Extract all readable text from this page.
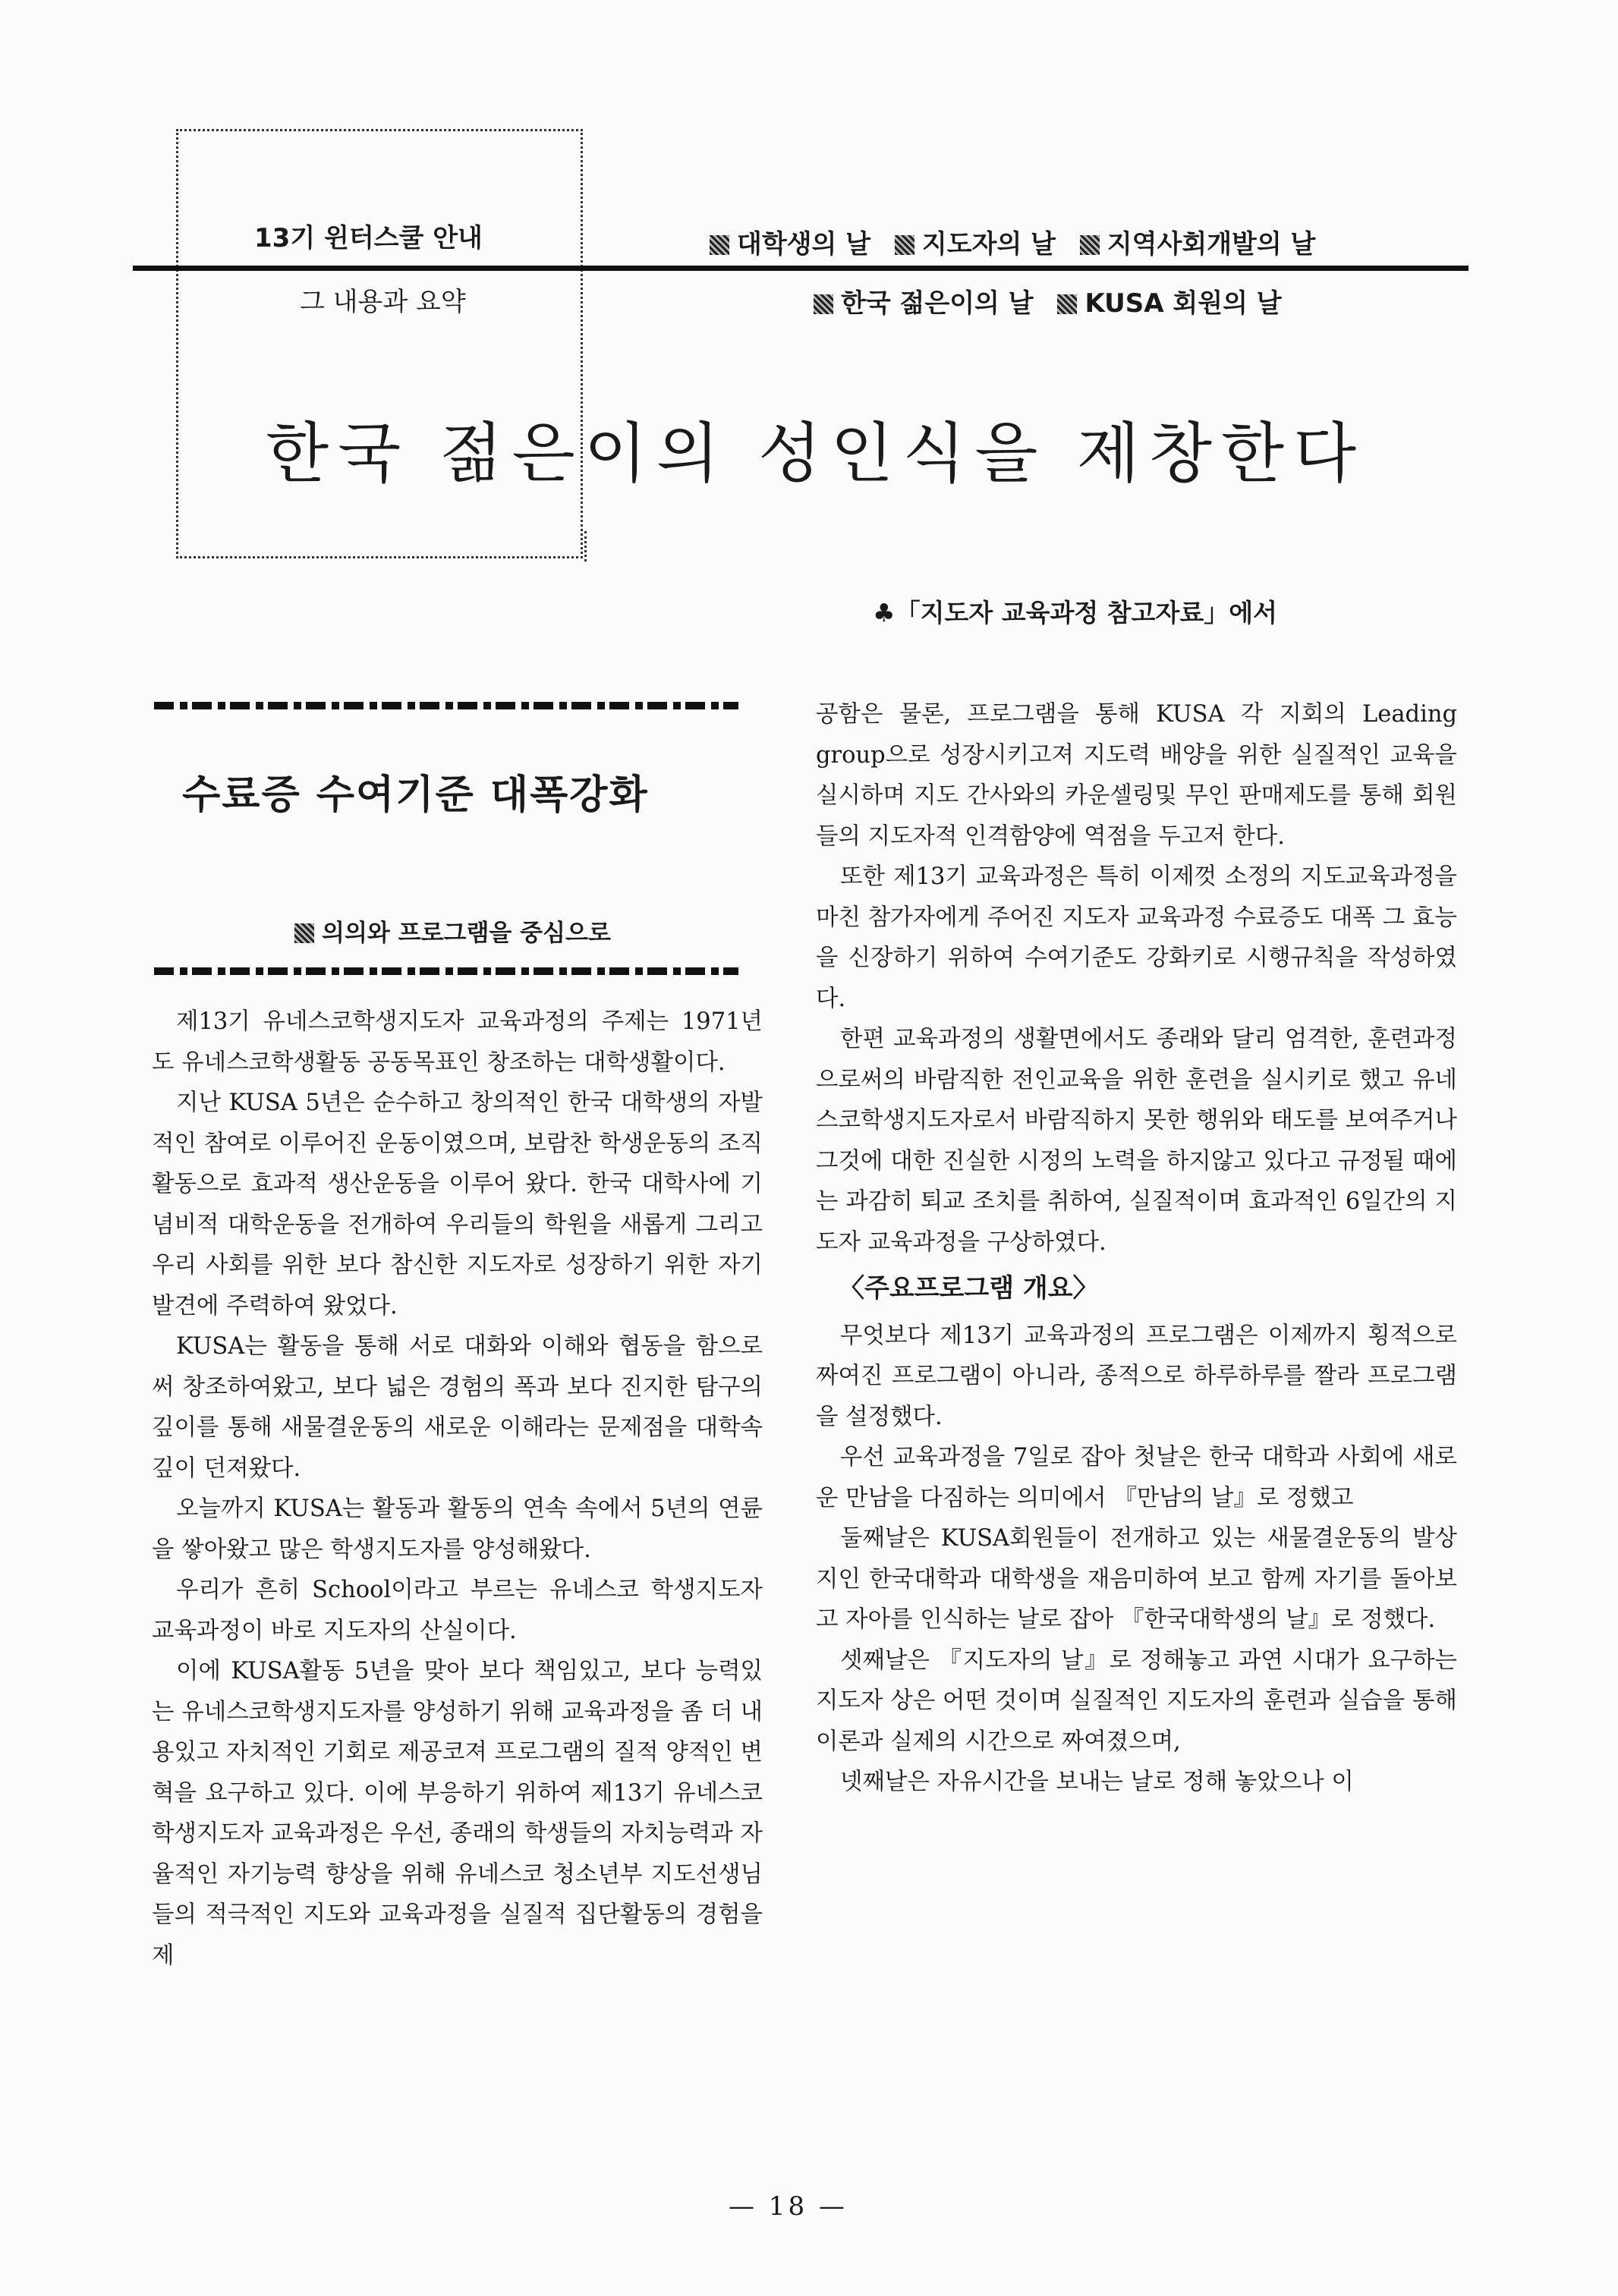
13기 윈터스쿨 안내
그 내용과 요약
대학생의 날 지도자의 날 지역사회개발의 날
한국 젊은이의 날 KUSA 회원의 날
한국 젊은이의 성인식을 제창한다
♣「지도자 교육과정 참고자료」에서
수료증 수여기준 대폭강화
의의와 프로그램을 중심으로

제13기 유네스코학생지도자 교육과정의 주제는 1971년도 유네스코학생활동 공동목표인 창조하는 대학생활이다.

지난 KUSA 5년은 순수하고 창의적인 한국 대학생의 자발적인 참여로 이루어진 운동이였으며, 보람찬 학생운동의 조직 활동으로 효과적 생산운동을 이루어 왔다. 한국 대학사에 기념비적 대학운동을 전개하여 우리들의 학원을 새롭게 그리고 우리 사회를 위한 보다 참신한 지도자로 성장하기 위한 자기 발견에 주력하여 왔었다.

KUSA는 활동을 통해 서로 대화와 이해와 협동을 함으로써 창조하여왔고, 보다 넓은 경험의 폭과 보다 진지한 탐구의 깊이를 통해 새물결운동의 새로운 이해라는 문제점을 대학속 깊이 던져왔다.

오늘까지 KUSA는 활동과 활동의 연속 속에서 5년의 연륜을 쌓아왔고 많은 학생지도자를 양성해왔다.

우리가 흔히 School이라고 부르는 유네스코 학생지도자 교육과정이 바로 지도자의 산실이다.

이에 KUSA활동 5년을 맞아 보다 책임있고, 보다 능력있는 유네스코학생지도자를 양성하기 위해 교육과정을 좀 더 내용있고 자치적인 기회로 제공코져 프로그램의 질적 양적인 변혁을 요구하고 있다. 이에 부응하기 위하여 제13기 유네스코 학생지도자 교육과정은 우선, 종래의 학생들의 자치능력과 자율적인 자기능력 향상을 위해 유네스코 청소년부 지도선생님들의 적극적인 지도와 교육과정을 실질적 집단활동의 경험을 제

공함은 물론, 프로그램을 통해 KUSA 각 지회의 Leading group으로 성장시키고져 지도력 배양을 위한 실질적인 교육을 실시하며 지도 간사와의 카운셀링및 무인 판매제도를 통해 회원들의 지도자적 인격함양에 역점을 두고저 한다.

또한 제13기 교육과정은 특히 이제껏 소정의 지도교육과정을 마친 참가자에게 주어진 지도자 교육과정 수료증도 대폭 그 효능을 신장하기 위하여 수여기준도 강화키로 시행규칙을 작성하였다.

한편 교육과정의 생활면에서도 종래와 달리 엄격한, 훈련과정으로써의 바람직한 전인교육을 위한 훈련을 실시키로 했고 유네스코학생지도자로서 바람직하지 못한 행위와 태도를 보여주거나 그것에 대한 진실한 시정의 노력을 하지않고 있다고 규정될 때에는 과감히 퇴교 조치를 취하여, 실질적이며 효과적인 6일간의 지도자 교육과정을 구상하였다.

〈주요프로그램 개요〉

무엇보다 제13기 교육과정의 프로그램은 이제까지 횡적으로 짜여진 프로그램이 아니라, 종적으로 하루하루를 짤라 프로그램을 설정했다.

우선 교육과정을 7일로 잡아 첫날은 한국 대학과 사회에 새로운 만남을 다짐하는 의미에서 『만남의 날』로 정했고

둘째날은 KUSA회원들이 전개하고 있는 새물결운동의 발상지인 한국대학과 대학생을 재음미하여 보고 함께 자기를 돌아보고 자아를 인식하는 날로 잡아 『한국대학생의 날』로 정했다.

셋째날은 『지도자의 날』로 정해놓고 과연 시대가 요구하는 지도자 상은 어떤 것이며 실질적인 지도자의 훈련과 실습을 통해 이론과 실제의 시간으로 짜여졌으며,

넷째날은 자유시간을 보내는 날로 정해 놓았으나 이

— 18 —
